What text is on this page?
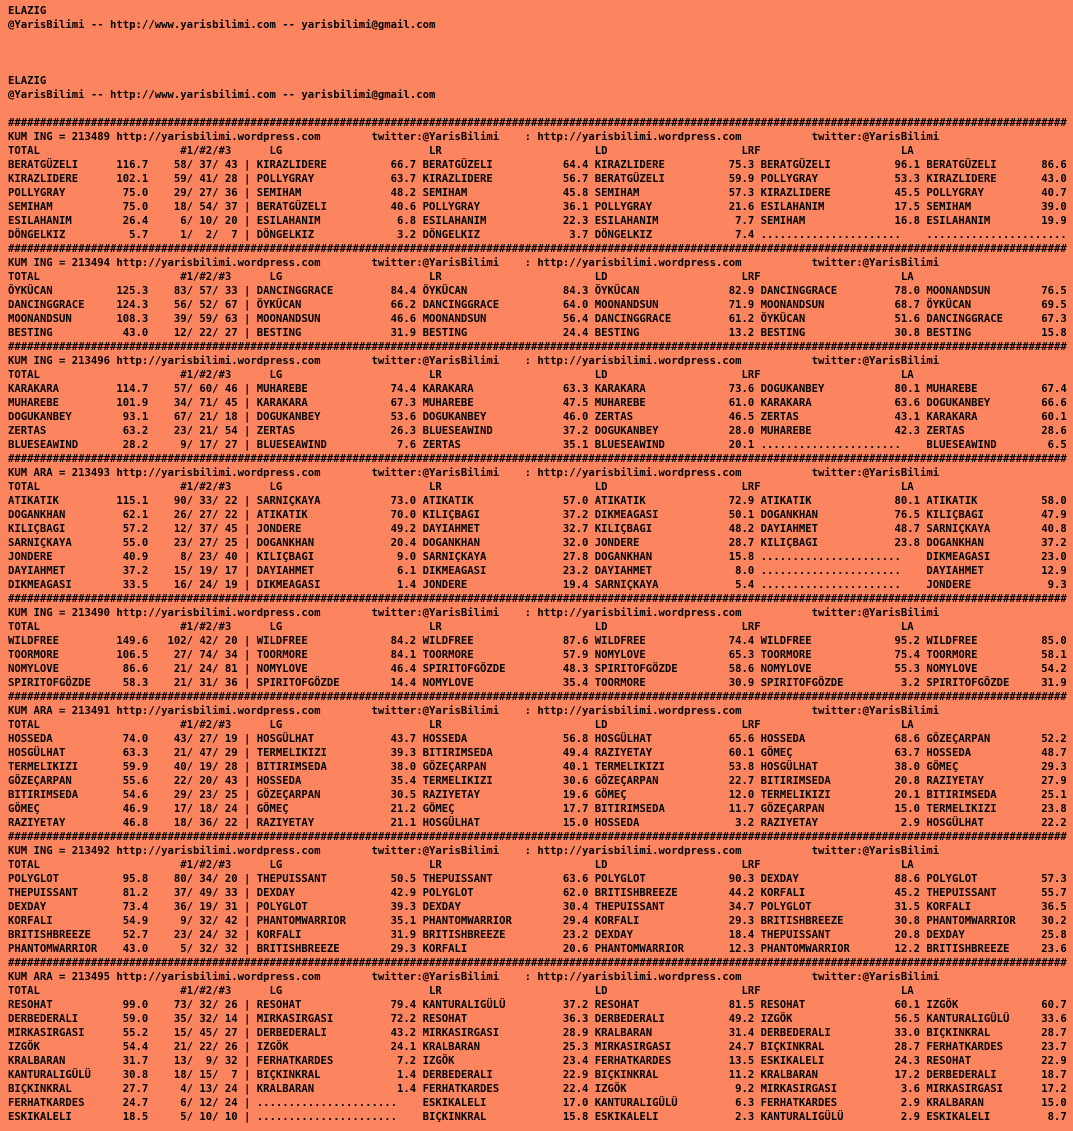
ELAZIG
@YarisBilimi -- http://www.yarisbilimi.com -- yarisbilimi@gmail.com
ELAZIG
@YarisBilimi -- http://www.yarisbilimi.com -- yarisbilimi@gmail.com
######################################################################################################################################################################
KUM ING = 213489 http://yarisbilimi.wordpress.com        twitter:@YarisBilimi    : http://yarisbilimi.wordpress.com           twitter:@YarisBilimi
TOTAL                      #1/#2/#3      LG                       LR                        LD                     LRF                      LA
BERATGÜZELI      116.7    58/ 37/ 43 | KIRAZLIDERE          66.7 BERATGÜZELI           64.4 KIRAZLIDERE          75.3 BERATGÜZELI          96.1 BERATGÜZELI       86.6
KIRAZLIDERE      102.1    59/ 41/ 28 | POLLYGRAY            63.7 KIRAZLIDERE           56.7 BERATGÜZELI          59.9 POLLYGRAY            53.3 KIRAZLIDERE       43.0
POLLYGRAY         75.0    29/ 27/ 36 | SEMIHAM              48.2 SEMIHAM               45.8 SEMIHAM              57.3 KIRAZLIDERE          45.5 POLLYGRAY         40.7
SEMIHAM           75.0    18/ 54/ 37 | BERATGÜZELI          40.6 POLLYGRAY             36.1 POLLYGRAY            21.6 ESILAHANIM           17.5 SEMIHAM           39.0
ESILAHANIM        26.4     6/ 10/ 20 | ESILAHANIM            6.8 ESILAHANIM            22.3 ESILAHANIM            7.7 SEMIHAM              16.8 ESILAHANIM        19.9
DÖNGELKIZ          5.7     1/  2/  7 | DÖNGELKIZ             3.2 DÖNGELKIZ              3.7 DÖNGELKIZ             7.4 ......................    ......................
######################################################################################################################################################################
KUM ING = 213494 http://yarisbilimi.wordpress.com        twitter:@YarisBilimi    : http://yarisbilimi.wordpress.com           twitter:@YarisBilimi
TOTAL                      #1/#2/#3      LG                       LR                        LD                     LRF                      LA
ÖYKÜCAN          125.3    83/ 57/ 33 | DANCINGGRACE         84.4 ÖYKÜCAN               84.3 ÖYKÜCAN              82.9 DANCINGGRACE         78.0 MOONANDSUN        76.5
DANCINGGRACE     124.3    56/ 52/ 67 | ÖYKÜCAN              66.2 DANCINGGRACE          64.0 MOONANDSUN           71.9 MOONANDSUN           68.7 ÖYKÜCAN           69.5
MOONANDSUN       108.3    39/ 59/ 63 | MOONANDSUN           46.6 MOONANDSUN            56.4 DANCINGGRACE         61.2 ÖYKÜCAN              51.6 DANCINGGRACE      67.3
BESTING           43.0    12/ 22/ 27 | BESTING              31.9 BESTING               24.4 BESTING              13.2 BESTING              30.8 BESTING           15.8
######################################################################################################################################################################
KUM ING = 213496 http://yarisbilimi.wordpress.com        twitter:@YarisBilimi    : http://yarisbilimi.wordpress.com           twitter:@YarisBilimi
TOTAL                      #1/#2/#3      LG                       LR                        LD                     LRF                      LA
KARAKARA         114.7    57/ 60/ 46 | MUHAREBE             74.4 KARAKARA              63.3 KARAKARA             73.6 DOGUKANBEY           80.1 MUHAREBE          67.4
MUHAREBE         101.9    34/ 71/ 45 | KARAKARA             67.3 MUHAREBE              47.5 MUHAREBE             61.0 KARAKARA             63.6 DOGUKANBEY        66.6
DOGUKANBEY        93.1    67/ 21/ 18 | DOGUKANBEY           53.6 DOGUKANBEY            46.0 ZERTAS               46.5 ZERTAS               43.1 KARAKARA          60.1
ZERTAS            63.2    23/ 21/ 54 | ZERTAS               26.3 BLUESEAWIND           37.2 DOGUKANBEY           28.0 MUHAREBE             42.3 ZERTAS            28.6
BLUESEAWIND       28.2     9/ 17/ 27 | BLUESEAWIND           7.6 ZERTAS                35.1 BLUESEAWIND          20.1 ......................    BLUESEAWIND        6.5
######################################################################################################################################################################
KUM ARA = 213493 http://yarisbilimi.wordpress.com        twitter:@YarisBilimi    : http://yarisbilimi.wordpress.com           twitter:@YarisBilimi
TOTAL                      #1/#2/#3      LG                       LR                        LD                     LRF                      LA
ATIKATIK         115.1    90/ 33/ 22 | SARNIÇKAYA           73.0 ATIKATIK              57.0 ATIKATIK             72.9 ATIKATIK             80.1 ATIKATIK          58.0
DOGANKHAN         62.1    26/ 27/ 22 | ATIKATIK             70.0 KILIÇBAGI             37.2 DIKMEAGASI           50.1 DOGANKHAN            76.5 KILIÇBAGI         47.9
KILIÇBAGI         57.2    12/ 37/ 45 | JONDERE              49.2 DAYIAHMET             32.7 KILIÇBAGI            48.2 DAYIAHMET            48.7 SARNIÇKAYA        40.8
SARNIÇKAYA        55.0    23/ 27/ 25 | DOGANKHAN            20.4 DOGANKHAN             32.0 JONDERE              28.7 KILIÇBAGI            23.8 DOGANKHAN         37.2
JONDERE           40.9     8/ 23/ 40 | KILIÇBAGI             9.0 SARNIÇKAYA            27.8 DOGANKHAN            15.8 ......................    DIKMEAGASI        23.0
DAYIAHMET         37.2    15/ 19/ 17 | DAYIAHMET             6.1 DIKMEAGASI            23.2 DAYIAHMET             8.0 ......................    DAYIAHMET         12.9
DIKMEAGASI        33.5    16/ 24/ 19 | DIKMEAGASI            1.4 JONDERE               19.4 SARNIÇKAYA            5.4 ......................    JONDERE            9.3
######################################################################################################################################################################
KUM ING = 213490 http://yarisbilimi.wordpress.com        twitter:@YarisBilimi    : http://yarisbilimi.wordpress.com           twitter:@YarisBilimi
TOTAL                      #1/#2/#3      LG                       LR                        LD                     LRF                      LA
WILDFREE         149.6   102/ 42/ 20 | WILDFREE             84.2 WILDFREE              87.6 WILDFREE             74.4 WILDFREE             95.2 WILDFREE          85.0
TOORMORE         106.5    27/ 74/ 34 | TOORMORE             84.1 TOORMORE              57.9 NOMYLOVE             65.3 TOORMORE             75.4 TOORMORE          58.1
NOMYLOVE          86.6    21/ 24/ 81 | NOMYLOVE             46.4 SPIRITOFGÖZDE         48.3 SPIRITOFGÖZDE        58.6 NOMYLOVE             55.3 NOMYLOVE          54.2
SPIRITOFGÖZDE     58.3    21/ 31/ 36 | SPIRITOFGÖZDE        14.4 NOMYLOVE              35.4 TOORMORE             30.9 SPIRITOFGÖZDE         3.2 SPIRITOFGÖZDE     31.9
######################################################################################################################################################################
KUM ARA = 213491 http://yarisbilimi.wordpress.com        twitter:@YarisBilimi    : http://yarisbilimi.wordpress.com           twitter:@YarisBilimi
TOTAL                      #1/#2/#3      LG                       LR                        LD                     LRF                      LA
HOSSEDA           74.0    43/ 27/ 19 | HOSGÜLHAT            43.7 HOSSEDA               56.8 HOSGÜLHAT            65.6 HOSSEDA              68.6 GÖZEÇARPAN        52.2
HOSGÜLHAT         63.3    21/ 47/ 29 | TERMELIKIZI          39.3 BITIRIMSEDA           49.4 RAZIYETAY            60.1 GÖMEÇ                63.7 HOSSEDA           48.7
TERMELIKIZI       59.9    40/ 19/ 28 | BITIRIMSEDA          38.0 GÖZEÇARPAN            40.1 TERMELIKIZI          53.8 HOSGÜLHAT            38.0 GÖMEÇ             29.3
GÖZEÇARPAN        55.6    22/ 20/ 43 | HOSSEDA              35.4 TERMELIKIZI           30.6 GÖZEÇARPAN           22.7 BITIRIMSEDA          20.8 RAZIYETAY         27.9
BITIRIMSEDA       54.6    29/ 23/ 25 | GÖZEÇARPAN           30.5 RAZIYETAY             19.6 GÖMEÇ                12.0 TERMELIKIZI          20.1 BITIRIMSEDA       25.1
GÖMEÇ             46.9    17/ 18/ 24 | GÖMEÇ                21.2 GÖMEÇ                 17.7 BITIRIMSEDA          11.7 GÖZEÇARPAN           15.0 TERMELIKIZI       23.8
RAZIYETAY         46.8    18/ 36/ 22 | RAZIYETAY            21.1 HOSGÜLHAT             15.0 HOSSEDA               3.2 RAZIYETAY             2.9 HOSGÜLHAT         22.2
######################################################################################################################################################################
KUM ING = 213492 http://yarisbilimi.wordpress.com        twitter:@YarisBilimi    : http://yarisbilimi.wordpress.com           twitter:@YarisBilimi
TOTAL                      #1/#2/#3      LG                       LR                        LD                     LRF                      LA
POLYGLOT          95.8    80/ 34/ 20 | THEPUISSANT          50.5 THEPUISSANT           63.6 POLYGLOT             90.3 DEXDAY               88.6 POLYGLOT          57.3
THEPUISSANT       81.2    37/ 49/ 33 | DEXDAY               42.9 POLYGLOT              62.0 BRITISHBREEZE        44.2 KORFALI              45.2 THEPUISSANT       55.7
DEXDAY            73.4    36/ 19/ 31 | POLYGLOT             39.3 DEXDAY                30.4 THEPUISSANT          34.7 POLYGLOT             31.5 KORFALI           36.5
KORFALI           54.9     9/ 32/ 42 | PHANTOMWARRIOR       35.1 PHANTOMWARRIOR        29.4 KORFALI              29.3 BRITISHBREEZE        30.8 PHANTOMWARRIOR    30.2
BRITISHBREEZE     52.7    23/ 24/ 32 | KORFALI              31.9 BRITISHBREEZE         23.2 DEXDAY               18.4 THEPUISSANT          20.8 DEXDAY            25.8
PHANTOMWARRIOR    43.0     5/ 32/ 32 | BRITISHBREEZE        29.3 KORFALI               20.6 PHANTOMWARRIOR       12.3 PHANTOMWARRIOR       12.2 BRITISHBREEZE     23.6
######################################################################################################################################################################
KUM ARA = 213495 http://yarisbilimi.wordpress.com        twitter:@YarisBilimi    : http://yarisbilimi.wordpress.com           twitter:@YarisBilimi
TOTAL                      #1/#2/#3      LG                       LR                        LD                     LRF                      LA
RESOHAT           99.0    73/ 32/ 26 | RESOHAT              79.4 KANTURALIGÜLÜ         37.2 RESOHAT              81.5 RESOHAT              60.1 IZGÖK             60.7
DERBEDERALI       59.0    35/ 32/ 14 | MIRKASIRGASI         72.2 RESOHAT               36.3 DERBEDERALI          49.2 IZGÖK                56.5 KANTURALIGÜLÜ     33.6
MIRKASIRGASI      55.2    15/ 45/ 27 | DERBEDERALI          43.2 MIRKASIRGASI          28.9 KRALBARAN            31.4 DERBEDERALI          33.0 BIÇKINKRAL        28.7
IZGÖK             54.4    21/ 22/ 26 | IZGÖK                24.1 KRALBARAN             25.3 MIRKASIRGASI         24.7 BIÇKINKRAL           28.7 FERHATKARDES      23.7
KRALBARAN         31.7    13/  9/ 32 | FERHATKARDES          7.2 IZGÖK                 23.4 FERHATKARDES         13.5 ESKIKALELI           24.3 RESOHAT           22.9
KANTURALIGÜLÜ     30.8    18/ 15/  7 | BIÇKINKRAL            1.4 DERBEDERALI           22.9 BIÇKINKRAL           11.2 KRALBARAN            17.2 DERBEDERALI       18.7
BIÇKINKRAL        27.7     4/ 13/ 24 | KRALBARAN             1.4 FERHATKARDES          22.4 IZGÖK                 9.2 MIRKASIRGASI          3.6 MIRKASIRGASI      17.2
FERHATKARDES      24.7     6/ 12/ 24 | ......................    ESKIKALELI            17.0 KANTURALIGÜLÜ         6.3 FERHATKARDES          2.9 KRALBARAN         15.0
ESKIKALELI        18.5     5/ 10/ 10 | ......................    BIÇKINKRAL            15.8 ESKIKALELI            2.3 KANTURALIGÜLÜ         2.9 ESKIKALELI         8.7
